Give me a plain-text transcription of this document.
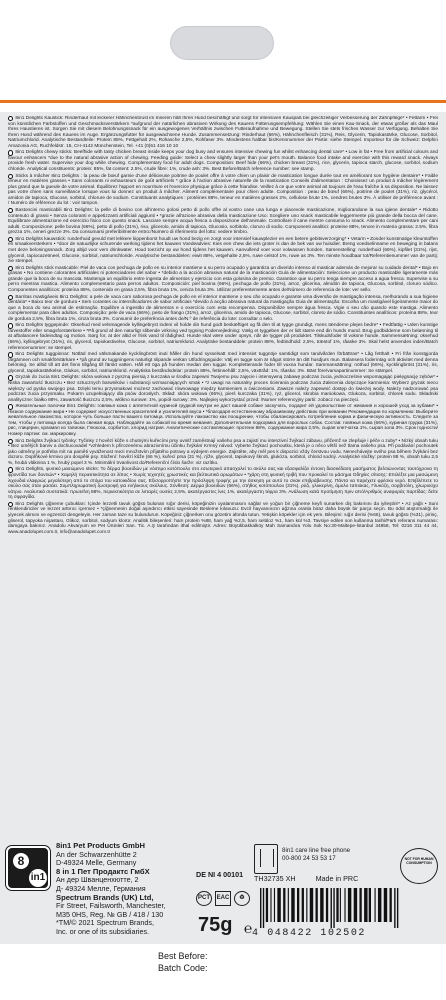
8in1 Delights Kaustick: Rinderhaut mit leckerer Hähnchenbrust im Inneren hält Ihren Hund beschäftigt und sorgt für intensiven Kauspaß bei gleichzeitiger Verbesserung der Zahnpflege* • Fettarm • Frei von künstlichen Farbstoffen und Geschmacksverstärkern *aufgrund der natürlichen abrasiven Wirkung des Kauens Fütterungsempfehlung: Wählen Sie einen Kau-Snack, der etwas größer als das Maul Ihres Haustieres ist. Sorgen Sie mit diesem Belohnungssnack für ein ausgewogenes Verhältnis zwischen Futteraufnahme und Bewegung. Stellen Sie stets frisches Wasser zur Verfügung. Behalten Sie Ihren Hund während des Kauens im Auge. Ergänzungsfutter für ausgewachsene Hunde. Zusammensetzung: Rinderhaut (66%), Hähnchenfleisch (31%), Reis, Glycerin, Tapiokastärke, Glucose, Sorbitol, Natriumchlorid. Analytische Bestandteile: Protein 85%, Fettgehalt 2%, Rohasche 2,5%, Rohfaser 3%. Mindestens haltbar bis/Kennnummer der Partie: siehe Stempel. Importeur für die Schweiz: Delphin Amazonia AG, Ruchfeldstr. 15, CH-4142 Münchenstein, Tel. +41 (0)61 416 10 10
8in1 Delights chewy sticks: Beefhide with tasty chicken breast inside keeps your dog busy and ensures intensive chewing fun whilst enhancing dental care* • Low in fat • Free from artificial colours and flavour enhancers *due to the natural abrasive action of chewing. Feeding guide: Select a chew slightly larger than your pet's mouth. Balance food intake and exercise with this reward snack. Always provide fresh water. Supervise your dog while chewing. Complementary food for adult dogs. Composition: Beef hide (66%), chicken breast (31%), rice, glycerin, tapioca starch, glucose, sorbitol, sodium chloride. Analytical constituents: protein: 85%, fat content: 2.5%, crude fibre: 1%, crude ash: 3%. Best Before/Batch reference number: see stamp.
Sticks à mâcher 8in1 Delights : la peau de bœuf garnie d'une délicieuse poitrine de poulet offre à votre chien un plaisir de mastication longue durée tout en améliorant son hygiène dentaire* • Faible teneur en matières grasses • Sans colorants ni exhausteurs de goût artificiels * grâce à l'action abrasive naturelle de la mastication Conseils d'alimentation : Choisissez un produit à mâcher légèrement plus grand que la gueule de votre animal. Équilibrez l'apport en nourriture et l'exercice physique grâce à cette friandise. Veillez à ce que votre animal ait toujours de l'eau fraîche à sa disposition. Ne laissez pas votre chien sans surveillance lorsque vous lui donnez un produit à mâcher. Aliment complémentaire pour chien adulte. Composition : peau de bœuf (66%), poitrine de poulet (31%), riz, glycérol, amidon de tapioca, Glucose, sorbitol, chlorure de sodium. Constituants analytiques : protéines 88%, teneur en matières grasses 2%, cellulose brute 1%, cendres brutes 3%. À utiliser de préférence avant : / Numéro de référence du lot : voir tampon.
Bastoncini masticabili 8in1 Delights: la pelle di bovino con all'interno golosi petto di pollo offre al vostro cane una lunga e piacevole masticazione, migliorandone la sua igiene dentale* • Ridotto contenuto di grassi • Senza coloranti e appetizzanti artificiali aggiunti • *grazie all'azione abrasiva della masticazione Uso: Scegliere uno snack masticabile leggermente più grande della bocca del cane. Equilibrare alimentazione ed esercizio fisico con questo snack. Lasciare sempre acqua fresca a disposizione dell'animale. Controllare il cane mentre consuma lo snack. Alimento complementare per cani adulti. Composizione: pelle bovina (66%), petto di pollo (31%), riso, glicerolo, amido di tapioca, Glucosio, sorbitolo, cloruro di sodio. Componenti analitici: proteine 88%, tenore in materia grassa: 2.5%, fibra grezza 1%, ceneri grezze 3%. Da consumarsi preferibilmente entro:/Numero di riferimento del lotto: vedere timbro.
8in1 Delights kauwstick: runderhuid gevuld met lekkere kippenborst houdt uw hond bezig en zorgt voor intensief kauwplezier en een betere gebitsverzorging* • Vetarm • Zonder kunstmatige kleurstoffen en smaakversterkers • *door de natuurlijke schurende werking tijdens het kauwen Voedeadvies: Kies een chew die iets groter is dan de bek van uw huisdier. Breng voedselinname en beweging in balans met deze beloningssnack. Zorg altijd voor vers drinkwater. Houd toezicht op uw hond tijdens het kauwen. Aanvullend voer voor volwassen honden. Samenstelling: runderhuid (66%), kipfilet (31%), rijst, glycerol, tapiocazetmeel, Glucose, sorbitol, natriumchloride. Analytische bestanddelen: eiwit 88%, vetgehalte 2,5%, ruwe celstof 1%, ruwe as 3%. Ten minste houdbaar tot/Referentienummer van de partij: zie stempel.
8in1 Delights stick masticable: Piel de vaca con pechuga de pollo en su interior mantiene a su perro ocupado y garantiza un diverido intenso al masticar además de mejorar su cuidado dental* • Bajo en grasas • No contiene colorantes artificiales ni potenciadores del sabor • *debido a la acción abrasiva natural de la masticación Guía de alimentación: Seleccione un producto masticable ligeramente más grande que la boca de su mascota. Mantenga un equilibrio entre ingesta de alimentos y ejercicio con esta golosina de premio. Garantice que su perro tenga siempre acceso a agua fresca. Supervise a su perro mientras mastica. Alimento complementario para perros adultos. Composición: piel bovina (66%), pechuga de pollo (31%), arroz, glicerina, almidón de tapioca, Glucosa, sorbitol, cloruro sódico. Componentes analíticos: proteína 88%, contenido en grasa 2,5%, fibra bruta 1%, ceniza bruta 3%. Utilizar preferentemente antes de/Número de referencia de lote: ver sello.
Barritas mastigáveis 8in1 Delights: a pele de vaca com saborosa pechuga de pollo en el interior mantiene o seu cão ocupado e garante uma diversão de mastigação intensa, melhorando a sua higiene dentária* • Baixo teor de gordura • Sem corantes ou intensificadores de sabor artificiais *devido à acção abrasiva natural da mastigação Guia de alimentação: Escolha um mastigável ligeiramente maior do que a boca do seu animal de estimação. Equilibre a ingestão de alimentos e o exercício com esta recompensa. Disponibilize sempre água fresca. Vigie o seu cão quando este mastiga. Alimento complementar para cães adultos. Composição: pele de vaca (66%), peito de frango (31%), arroz, glicerina, amido de tapioca, Glucose, sorbitol, cloreto de sódio. Constituintes analíticos: proteína 88%, teor de gordura 2,5%, fibra bruta 1%, cinza bruta 3%. Consumir de preferência antes de/N.º de referência do lote: consultar o selo.
8in1 Delights tyggepinde: Oksehud med velsmagende kyllingebryst indeni vil holde din hund godt beskæftiget og få den til at tygge grundigt, mens tænderne plejes bedre* • Fedtfattig • Uden kunstige farvestoffer eller smagsforstærkere • *På grund af den naturligt slibende virkning ved tygning Fodervejledning: Vælg et tyggeben der er lidt større end din hunds mund. Brug godbidderne som belønning til at afbalancere fødeindtag og motion. Sørg for, at der altid er frisk vand til rådighed. Hunde skal være under opsyn, når de tygger på produktet. Tilskudsfoder til voksne hunde. Sammensætning: oksehud (66%), kyllingebryst (31%), ris, glycerol, tapiokastivelse, Glucose, sorbitol, natriumklorid. Analytiske bestanddele: protein 88%, fedtindhold: 2,5%, træstof 1%, råaske 3%. Skal helst anvendes inden/Batch referencenummer: se stempel.
8in1 Delights tuggpinnar: Nötläd med välsmakande kycklingbröst inuti håller din hund sysselsatt med intensivt tuggnöje samtidigt som tandvården förbättras* • Låg fetthalt • Fri från konstgjorda färgämnen och smakförstärkare • *på grund av tuggningens naturligt slipande verkan Utfodringsguide: Välj en tugge som är något större än ditt husdjurs mun. Balansera foderintag och aktivitet med denna belöning. Se alltid till att det finns tillgång till färskt vatten. Håll ett öga på hunden medan den tuggar. Kompletterande foder till vuxna hundar. Sammansättning: nöthud (66%), kycklingbröst (31%), ris, glycerol, tapiokastärkelse, Glukos, sorbitol, natriumklorid. Analytiska beståndsdelar: protein 88%, fettinnehåll: 2,5%, växttråd: 1%, råaska: 3%. Bäst före/varsapartinummer: Se stämpel.
Gryzak do żucia 8in1 Delights: skóra wołowa z pyszną piersią z kurczaka w środku zapewni Twojemu psu zajęcie i intensywną zabawę podczas żucia, jednocześnie wspomagając pielęgnację zębów* • Niska zawartość tłuszczu • Bez sztucznych barwników i substancji wzmacniających smak • *z uwagi na naturalny proces ścierania podczas żucia Zalecenia dotyczące karmienia: Wybierz gryzak nieco większy od pyska swojego psa. Dzięki temu przysmakowi możesz zachować równowagę między karmieniem a ćwiczeniami. Zawsze należy zapewnić dostęp do świeżej wody. Należy nadzorować psa podczas żucia przysmaku. Pokarm uzupełniający dla psów dorosłych. Skład: skóra wołowa (66%), pierś kurczaka (31%), ryż, glicerol, skrobia maniokowa, Glukoza, sorbitol, chlorek sodu. Składniki analityczne: białko 88%, zawartość tłuszczu 2,5%, włókno surowe: 1%, popiół surowy: 3%. Najlepiej wykorzystać przed: /Numer referencyjny partii: zobacz na pieczęci.
Жевательные палочки 8in1 Delights: говяжья кожа с аппетитной куриной грудкой внутри не даст вашей собаке заскучать, подарит ей удовольствие от жевания и хорошей уход за зубами* • Низкое содержание жира • Не содержит искусственных красителей и усилителей вкуса • *благодаря естественному абразивному действию при жевании Рекомендации по кормлению: Выберите жевательное лакомство, которое чуть больше пасти вашего питомца. Используйте лакомство как поощрение, чтобы сбалансировать потребление корма и физическую активность. Следите за тем, чтобы у питомца всегда была свежая вода. Наблюдайте за собакой во время жевания. Дополнительная подкормка для взрослых собак. Состав: говяжья кожа (66%), куриная грудка (31%), рис, глицерин, крахмал из тапиоки, Глюкоза, сорбитол, хлорид натрия. Аналитические составляющие: протеин 88%, содержание жира 2,5%, сырая клетчатка 1%, сырая зола 3%. Срок годности/Номер партии: см. маркировку.
8in1 Delights žvýkací tyčinky: Tyčinky z hovězí kůže s chutnými kuřecími prsy uvnitř zaměstnají vašeho psa a zajistí mu intenzivní žvýkací zábavu, přičemž se zlepšuje i péče o zuby* • Nízký obsah tuku • Bez umělých barviv a dochucovadel *vzhledem k přirozenému abrazivnímu účinku žvýkání Krmný návod: Vyberte žvýkací pochoutku, která je o něco větší než tlama vašeho psa. Při podávání pochoutek jako odměny je potřeba mít na paměti vyváženost mezi množstvím přijatého potravy a výdejem energie. Zajistěte, aby měl pes k dispozici vždy čerstvou vodu. Nenechávejte svého psa během žvýkání bez dozoru. Doplňkové krmivo pro dospělé psy. Složení: hovězí kůže (66 %), kuřecí prsa (31 %), rýže, glycerol, tapiokový škrob, glukóza, sorbitol, chlorid sodný. Analytické složky: protein 88 %, obsah tuku 2,5 %, hrubá vláknina 1 %, hrubý popel 3 %. Minimální trvanlivost do/Referenční číslo šarže: viz razítko.
8in1 Delights, φυσικό μασώμενο sticks: Το δέρμα βοοειδών με νόστιμο κοτόπουλο στο εσωτερικό απασχολεί το σκύλο σας και εξασφαλίζει έντονη διασκέδαση μασήματος βελτιώνοντας ταυτόχρονα τη φροντίδα των δοντιών* • Χαμηλή περιεκτικότητα σε λίπος • Χωρίς τεχνητές χρωστικές και βελτιωτικά αρωμάτων • *χάρη στη φυσική τριβή που προκαλεί το μάσημα Οδηγίες σίτισης: Επιλέξτε μια μασώμενη λιχουδιά ελαφρώς μεγαλύτερη από το στόμα του κατοικιδίου σας. Εξισορροπήστε την πρόσληψη τροφής με την άσκηση με αυτό το σνακ επιβράβευσης. Πάντα να παρέχετε φρέσκο νερό. Επιβλέπετε το σκύλο σας όταν μασάει. Συμπληρωματική ζωοτροφή για ενήλικους σκύλους. Σύνθεση: Δέρμα βοοειδών (66%), στήθος κοτόπουλου (31%), ρύζι, γλυκερίνη, άμυλο ταπιόκας, Γλυκόζη, σορβιτόλη, χλωριούχο νάτριο. Αναλυτικά συστατικά: πρωτεΐνη 88%, περιεκτικότητα σε λιπαρές ουσίες 2,5%, ακατέργαστες ίνες 1%, ακατέργαστη τέφρα 3%. Ανάλωση κατά προτίμηση πριν από/Αριθμός αναφοράς παρτίδας: δείτε τη σφραγίδα.
8in1 Delights çiğneme çubukları: İçinde lezzetli tavuk göğsü bulunan sığır derisi, köpeğinizin oyalanmasını sağlar ve yoğun bir çiğneme keyfi sunarken diş bakımını da iyileştirir* • Az yağlı • Suni renklendiriciler ve lezzet arttırıcı içermez • *çiğnemenin doğal aşındırıcı etkisi sayesinde Besleme kılavuzu: Evcil hayvanınızın ağzına oranla biraz daha büyük bir parça seçin. Bu ödül atıştırmalığı ile yiyecek alımını ve egzersizi dengeleyin. Her zaman taze su bulundurun. Köpeğiniz çiğnerken onu gözetim altında tutun. Yetişkin köpekler için ek yem. Bileşimi: sığır derisi (%66), tavuk göğsü (%31), pirinç, gliserol, tapyoka nişastası, Glikoz, sorbitol, sodyum klorür. Analitik bileşenleri: ham protein %88, ham yağ %2,5, ham selüloz %1, ham kül %3. Tavsiye edilen son kullanma tarihi/Parti referans numarası: damgaya bakınız. Anadolu Akvaryum ve Pet Ürünleri San. Tic. A.Ş tarafından ithal edilmiştir. Adres: Büyükbakkalköy Mah Samandıra Yolu Sok No:30-Maltepe-İstanbul 34858, Tel: 0216 311 44 44, www.anadolupet.com.tr, info@anadolupet.com.tr
8
in1
8in1 Pet Products GmbH
An der Schwarzenhütte 2
D-49324 Melle, Germany
8 in 1 Пет Продактс ГмбХ
Ан дер Шванценхютте, 2
Д- 49324 Мелле, Германия
Spectrum Brands (UK) Ltd,
Fir Street, Failsworth, Manchester,
M35 0HS, Reg. № GB / 418 / 130
*TM/© 2021 Spectrum Brands,
Inc. or one of its subsidiaries.
DE NI 4 00101
PCT	EAC	♻
75g ℮
8in1 care line free phone
00-800 24 53 53 17	NOT FOR HUMAN CONSUMPTION
TH32735 XH	Made in PRC
4 048422 102502
Best Before:
Batch Code:
